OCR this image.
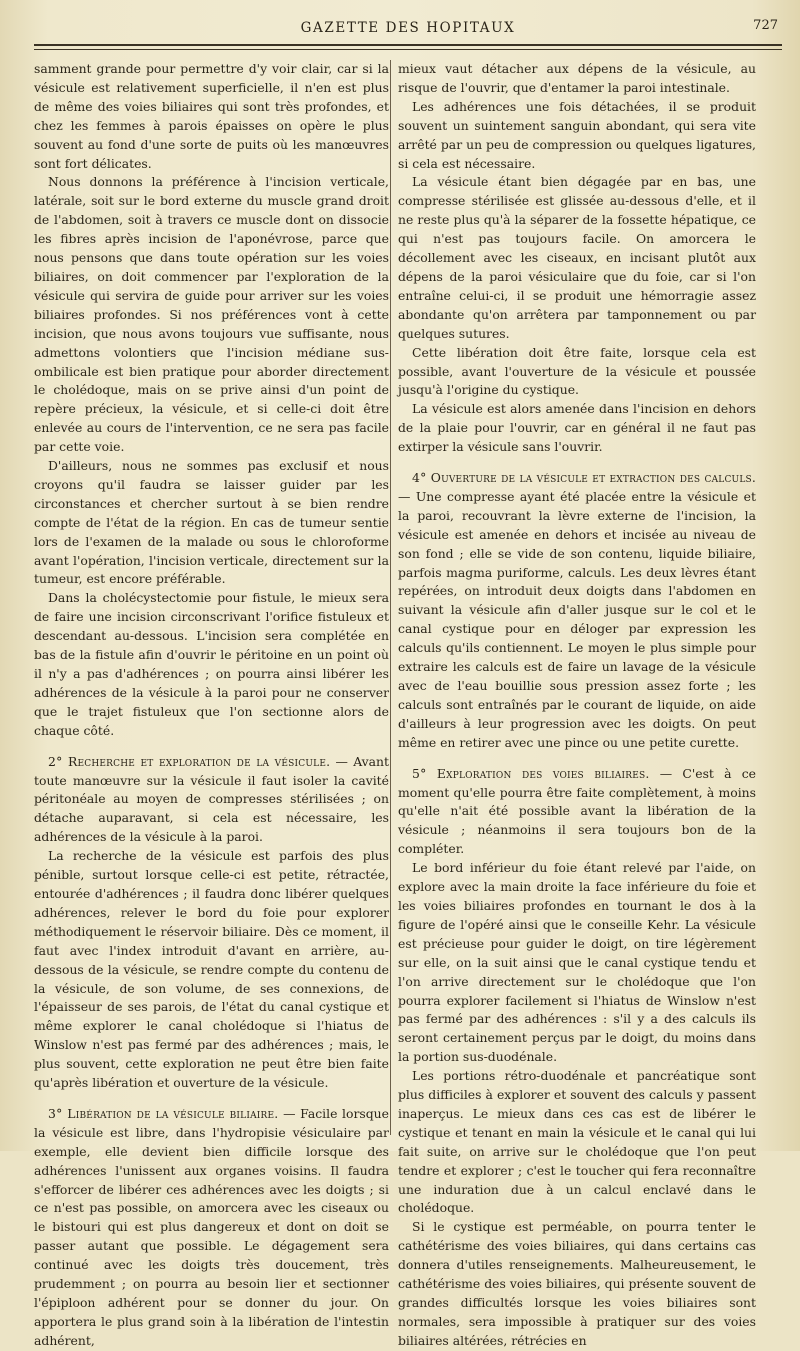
GAZETTE DES HOPITAUX	727

samment grande pour permettre d'y voir clair, car si la vésicule est relativement superficielle, il n'en est plus de même des voies biliaires qui sont très profondes, et chez les femmes à parois épaisses on opère le plus souvent au fond d'une sorte de puits où les manœuvres sont fort délicates.

Nous donnons la préférence à l'incision verticale, latérale, soit sur le bord externe du muscle grand droit de l'abdomen, soit à travers ce muscle dont on dissocie les fibres après incision de l'aponévrose, parce que nous pensons que dans toute opération sur les voies biliaires, on doit commencer par l'exploration de la vésicule qui servira de guide pour arriver sur les voies biliaires profondes. Si nos préférences vont à cette incision, que nous avons toujours vue suffisante, nous admettons volontiers que l'incision médiane sus-ombilicale est bien pratique pour aborder directement le cholédoque, mais on se prive ainsi d'un point de repère précieux, la vésicule, et si celle-ci doit être enlevée au cours de l'intervention, ce ne sera pas facile par cette voie.

D'ailleurs, nous ne sommes pas exclusif et nous croyons qu'il faudra se laisser guider par les circonstances et chercher surtout à se bien rendre compte de l'état de la région. En cas de tumeur sentie lors de l'examen de la malade ou sous le chloroforme avant l'opération, l'incision verticale, directement sur la tumeur, est encore préférable.

Dans la cholécystectomie pour fistule, le mieux sera de faire une incision circonscrivant l'orifice fistuleux et descendant au-dessous. L'incision sera complétée en bas de la fistule afin d'ouvrir le péritoine en un point où il n'y a pas d'adhérences ; on pourra ainsi libérer les adhérences de la vésicule à la paroi pour ne conserver que le trajet fistuleux que l'on sectionne alors de chaque côté.

2° Recherche et exploration de la vésicule. — Avant toute manœuvre sur la vésicule il faut isoler la cavité péritonéale au moyen de compresses stérilisées ; on détache auparavant, si cela est nécessaire, les adhérences de la vésicule à la paroi.

La recherche de la vésicule est parfois des plus pénible, surtout lorsque celle-ci est petite, rétractée, entourée d'adhérences ; il faudra donc libérer quelques adhérences, relever le bord du foie pour explorer méthodiquement le réservoir biliaire. Dès ce moment, il faut avec l'index introduit d'avant en arrière, au-dessous de la vésicule, se rendre compte du contenu de la vésicule, de son volume, de ses connexions, de l'épaisseur de ses parois, de l'état du canal cystique et même explorer le canal cholédoque si l'hiatus de Winslow n'est pas fermé par des adhérences ; mais, le plus souvent, cette exploration ne peut être bien faite qu'après libération et ouverture de la vésicule.

3° Libération de la vésicule biliaire. — Facile lorsque la vésicule est libre, dans l'hydropisie vésiculaire par exemple, elle devient bien difficile lorsque des adhérences l'unissent aux organes voisins. Il faudra s'efforcer de libérer ces adhérences avec les doigts ; si ce n'est pas possible, on amorcera avec les ciseaux ou le bistouri qui est plus dangereux et dont on doit se passer autant que possible. Le dégagement sera continué avec les doigts très doucement, très prudemment ; on pourra au besoin lier et sectionner l'épiploon adhérent pour se donner du jour. On apportera le plus grand soin à la libération de l'intestin adhérent,

mieux vaut détacher aux dépens de la vésicule, au risque de l'ouvrir, que d'entamer la paroi intestinale.

Les adhérences une fois détachées, il se produit souvent un suintement sanguin abondant, qui sera vite arrêté par un peu de compression ou quelques ligatures, si cela est nécessaire.

La vésicule étant bien dégagée par en bas, une compresse stérilisée est glissée au-dessous d'elle, et il ne reste plus qu'à la séparer de la fossette hépatique, ce qui n'est pas toujours facile. On amorcera le décollement avec les ciseaux, en incisant plutôt aux dépens de la paroi vésiculaire que du foie, car si l'on entraîne celui-ci, il se produit une hémorragie assez abondante qu'on arrêtera par tamponnement ou par quelques sutures.

Cette libération doit être faite, lorsque cela est possible, avant l'ouverture de la vésicule et poussée jusqu'à l'origine du cystique.

La vésicule est alors amenée dans l'incision en dehors de la plaie pour l'ouvrir, car en général il ne faut pas extirper la vésicule sans l'ouvrir.

4° Ouverture de la vésicule et extraction des calculs. — Une compresse ayant été placée entre la vésicule et la paroi, recouvrant la lèvre externe de l'incision, la vésicule est amenée en dehors et incisée au niveau de son fond ; elle se vide de son contenu, liquide biliaire, parfois magma puriforme, calculs. Les deux lèvres étant repérées, on introduit deux doigts dans l'abdomen en suivant la vésicule afin d'aller jusque sur le col et le canal cystique pour en déloger par expression les calculs qu'ils contiennent. Le moyen le plus simple pour extraire les calculs est de faire un lavage de la vésicule avec de l'eau bouillie sous pression assez forte ; les calculs sont entraînés par le courant de liquide, on aide d'ailleurs à leur progression avec les doigts. On peut même en retirer avec une pince ou une petite curette.

5° Exploration des voies biliaires. — C'est à ce moment qu'elle pourra être faite complètement, à moins qu'elle n'ait été possible avant la libération de la vésicule ; néanmoins il sera toujours bon de la compléter.

Le bord inférieur du foie étant relevé par l'aide, on explore avec la main droite la face inférieure du foie et les voies biliaires profondes en tournant le dos à la figure de l'opéré ainsi que le conseille Kehr. La vésicule est précieuse pour guider le doigt, on tire légèrement sur elle, on la suit ainsi que le canal cystique tendu et l'on arrive directement sur le cholédoque que l'on pourra explorer facilement si l'hiatus de Winslow n'est pas fermé par des adhérences : s'il y a des calculs ils seront certainement perçus par le doigt, du moins dans la portion sus-duodénale.

Les portions rétro-duodénale et pancréatique sont plus difficiles à explorer et souvent des calculs y passent inaperçus. Le mieux dans ces cas est de libérer le cystique et tenant en main la vésicule et le canal qui lui fait suite, on arrive sur le cholédoque que l'on peut tendre et explorer ; c'est le toucher qui fera reconnaître une induration due à un calcul enclavé dans le cholédoque.

Si le cystique est perméable, on pourra tenter le cathétérisme des voies biliaires, qui dans certains cas donnera d'utiles renseignements. Malheureusement, le cathétérisme des voies biliaires, qui présente souvent de grandes difficultés lorsque les voies biliaires sont normales, sera impossible à pratiquer sur des voies biliaires altérées, rétrécies en
